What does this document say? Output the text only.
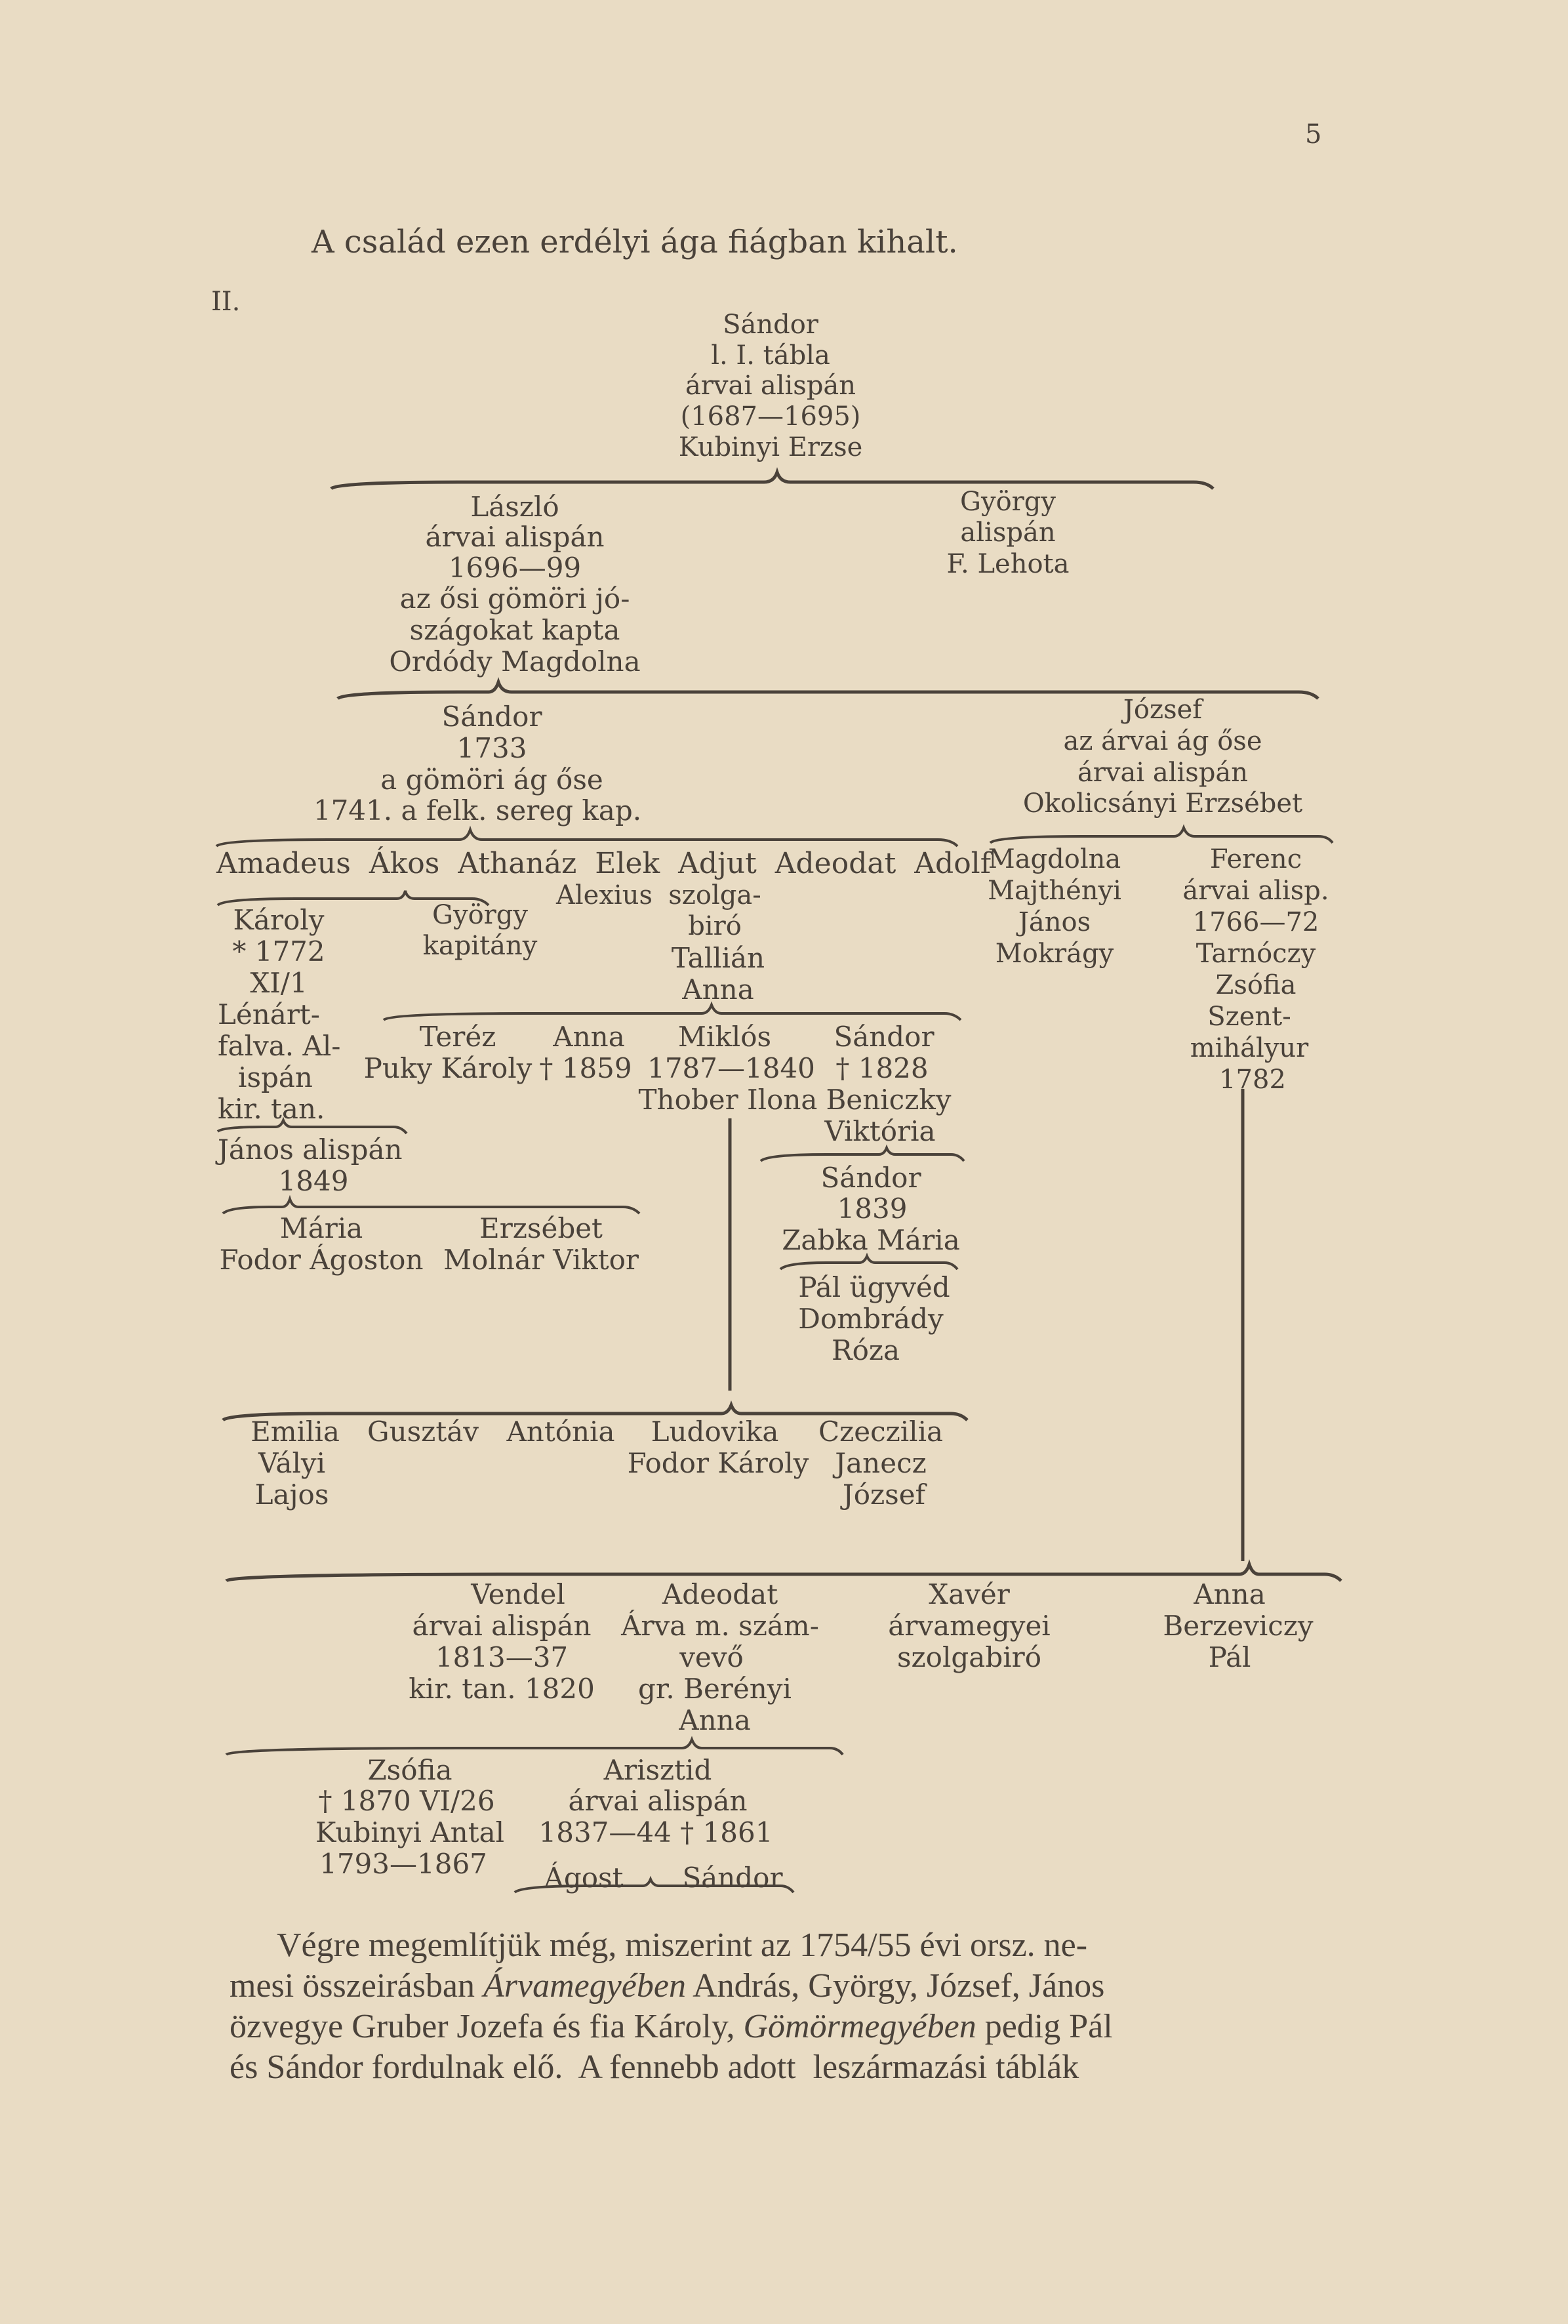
5
A család ezen erdélyi ága fiágban kihalt.
II.
Sándor
l. I. tábla
árvai alispán
(1687—1695)
Kubinyi Erzse
László
árvai alispán
1696—99
az ősi gömöri jó-
szágokat kapta
Ordódy Magdolna
György
alispán
F. Lehota
Sándor
1733
a gömöri ág őse
1741. a felk. sereg kap.
József
az árvai ág őse
árvai alispán
Okolicsányi Erzsébet
Amadeus  Ákos  Athanáz  Elek  Adjut  Adeodat  Adolf
Alexius szolga-
biró
Tallián
Anna
Károly
* 1772
XI/1
Lénárt-
falva. Al-
ispán
kir. tan.
György
kapitány
Magdolna
Majthényi
János
Mokrágy
Ferenc
árvai alisp.
1766—72
Tarnóczy
Zsófia
Szent-
mihályur
1782
Teréz
Puky Károly
Anna
† 1859
Miklós
1787—1840
Thober Ilona
Sándor
† 1828
Beniczky
Viktória
János alispán
1849
Mária
Fodor Ágoston
Erzsébet
Molnár Viktor
Sándor
1839
Zabka Mária
Pál ügyvéd
Dombrády
Róza
Emilia
Vályi
Lajos
Gusztáv Antónia Ludovika
Fodor Károly
Czeczilia
Janecz
József
Vendel
árvai alispán
1813—37
kir. tan. 1820
Adeodat
Árva m. szám-
vevő
gr. Berényi
Anna
Xavér
árvamegyei
szolgabiró
Anna
Berzeviczy
Pál
Zsófia
† 1870 VI/26
Kubinyi Antal
1793—1867
Arisztid
árvai alispán
1837—44 † 1861
Ágost Sándor
Végre megemlítjük még, miszerint az 1754/55 évi orsz. ne-
mesi összeirásban Árvamegyében András, György, József, János
özvegye Gruber Jozefa és fia Károly, Gömörmegyében pedig Pál
és Sándor fordulnak elő.  A fennebb adott  leszármazási táblák
